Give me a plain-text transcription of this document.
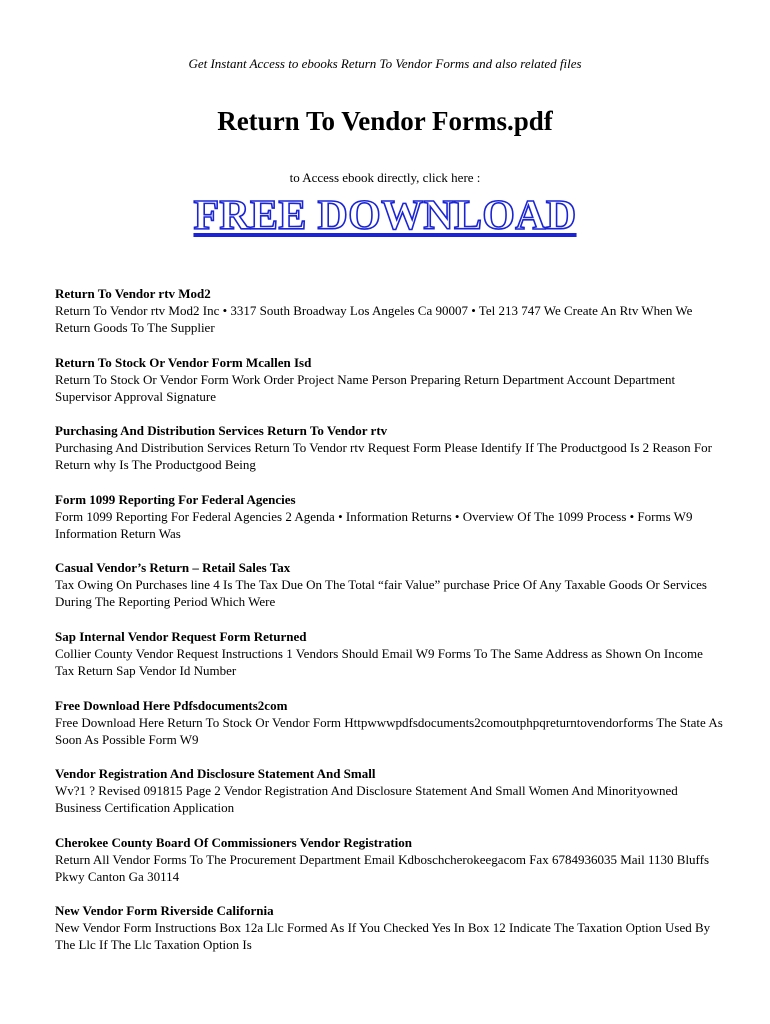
Get Instant Access to ebooks Return To Vendor Forms and also related files
Return To Vendor Forms.pdf
to Access ebook directly, click here :
FREE DOWNLOAD

Return To Vendor rtv Mod2

Return To Vendor rtv Mod2 Inc • 3317 South Broadway Los Angeles Ca 90007 • Tel 213 747 We Create An Rtv When We Return Goods To The Supplier

Return To Stock Or Vendor Form Mcallen Isd

Return To Stock Or Vendor Form Work Order Project Name Person Preparing Return Department Account Department Supervisor Approval Signature

Purchasing And Distribution Services Return To Vendor rtv

Purchasing And Distribution Services Return To Vendor rtv Request Form Please Identify If The Productgood Is 2 Reason For Return why Is The Productgood Being

Form 1099 Reporting For Federal Agencies

Form 1099 Reporting For Federal Agencies 2 Agenda • Information Returns • Overview Of The 1099 Process • Forms W9 Information Return Was

Casual Vendor’s Return – Retail Sales Tax

Tax Owing On Purchases line 4 Is The Tax Due On The Total “fair Value” purchase Price Of Any Taxable Goods Or Services During The Reporting Period Which Were

Sap Internal Vendor Request Form Returned

Collier County Vendor Request Instructions 1 Vendors Should Email W9 Forms To The Same Address as Shown On Income Tax Return Sap Vendor Id Number

Free Download Here Pdfsdocuments2com

Free Download Here Return To Stock Or Vendor Form Httpwwwpdfsdocuments2comoutphpqreturntovendorforms The State As Soon As Possible Form W9

Vendor Registration And Disclosure Statement And Small

Wv?1 ? Revised 091815 Page 2 Vendor Registration And Disclosure Statement And Small Women And Minorityowned Business Certification Application

Cherokee County Board Of Commissioners Vendor Registration

Return All Vendor Forms To The Procurement Department Email Kdboschcherokeegacom Fax 6784936035 Mail 1130 Bluffs Pkwy Canton Ga 30114

New Vendor Form Riverside California

New Vendor Form Instructions Box 12a Llc Formed As If You Checked Yes In Box 12 Indicate The Taxation Option Used By The Llc If The Llc Taxation Option Is
